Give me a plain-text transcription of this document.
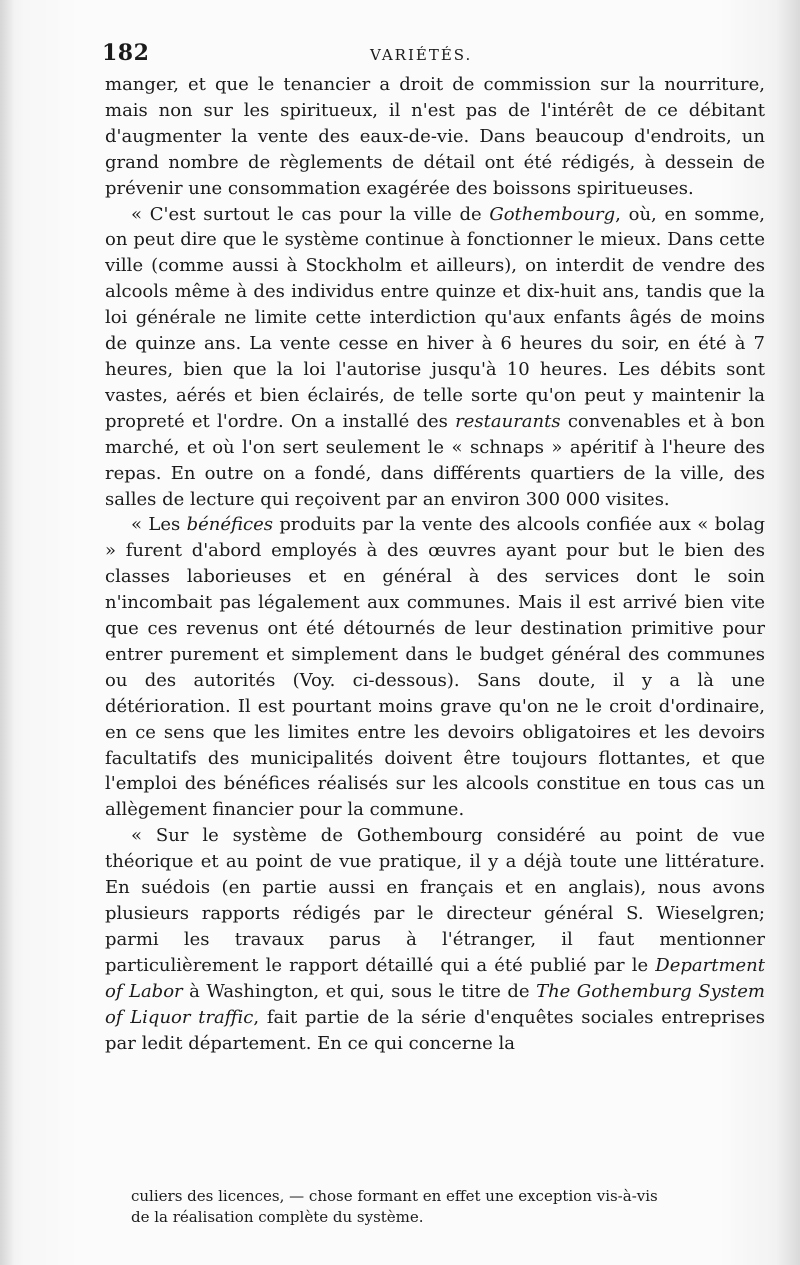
182	VARIÉTÉS.

manger, et que le tenancier a droit de commission sur la nourriture, mais non sur les spiritueux, il n'est pas de l'intérêt de ce débitant d'augmenter la vente des eaux-de-vie. Dans beaucoup d'endroits, un grand nombre de règlements de détail ont été rédigés, à dessein de prévenir une consommation exagérée des boissons spiritueuses.

« C'est surtout le cas pour la ville de Gothembourg, où, en somme, on peut dire que le système continue à fonctionner le mieux. Dans cette ville (comme aussi à Stockholm et ailleurs), on interdit de vendre des alcools même à des individus entre quinze et dix-huit ans, tandis que la loi générale ne limite cette interdiction qu'aux enfants âgés de moins de quinze ans. La vente cesse en hiver à 6 heures du soir, en été à 7 heures, bien que la loi l'autorise jusqu'à 10 heures. Les débits sont vastes, aérés et bien éclairés, de telle sorte qu'on peut y maintenir la propreté et l'ordre. On a installé des restaurants convenables et à bon marché, et où l'on sert seulement le « schnaps » apéritif à l'heure des repas. En outre on a fondé, dans différents quartiers de la ville, des salles de lecture qui reçoivent par an environ 300 000 visites.

« Les bénéfices produits par la vente des alcools confiée aux « bolag » furent d'abord employés à des œuvres ayant pour but le bien des classes laborieuses et en général à des services dont le soin n'incombait pas légalement aux communes. Mais il est arrivé bien vite que ces revenus ont été détournés de leur destination primitive pour entrer purement et simplement dans le budget général des communes ou des autorités (Voy. ci-dessous). Sans doute, il y a là une détérioration. Il est pourtant moins grave qu'on ne le croit d'ordinaire, en ce sens que les limites entre les devoirs obligatoires et les devoirs facultatifs des municipalités doivent être toujours flottantes, et que l'emploi des bénéfices réalisés sur les alcools constitue en tous cas un allègement financier pour la commune.

« Sur le système de Gothembourg considéré au point de vue théorique et au point de vue pratique, il y a déjà toute une littérature. En suédois (en partie aussi en français et en anglais), nous avons plusieurs rapports rédigés par le directeur général S. Wieselgren; parmi les travaux parus à l'étranger, il faut mentionner particulièrement le rapport détaillé qui a été publié par le Department of Labor à Washington, et qui, sous le titre de The Gothemburg System of Liquor traffic, fait partie de la série d'enquêtes sociales entreprises par ledit département. En ce qui concerne la

culiers des licences, — chose formant en effet une exception vis-à-vis
de la réalisation complète du système.
